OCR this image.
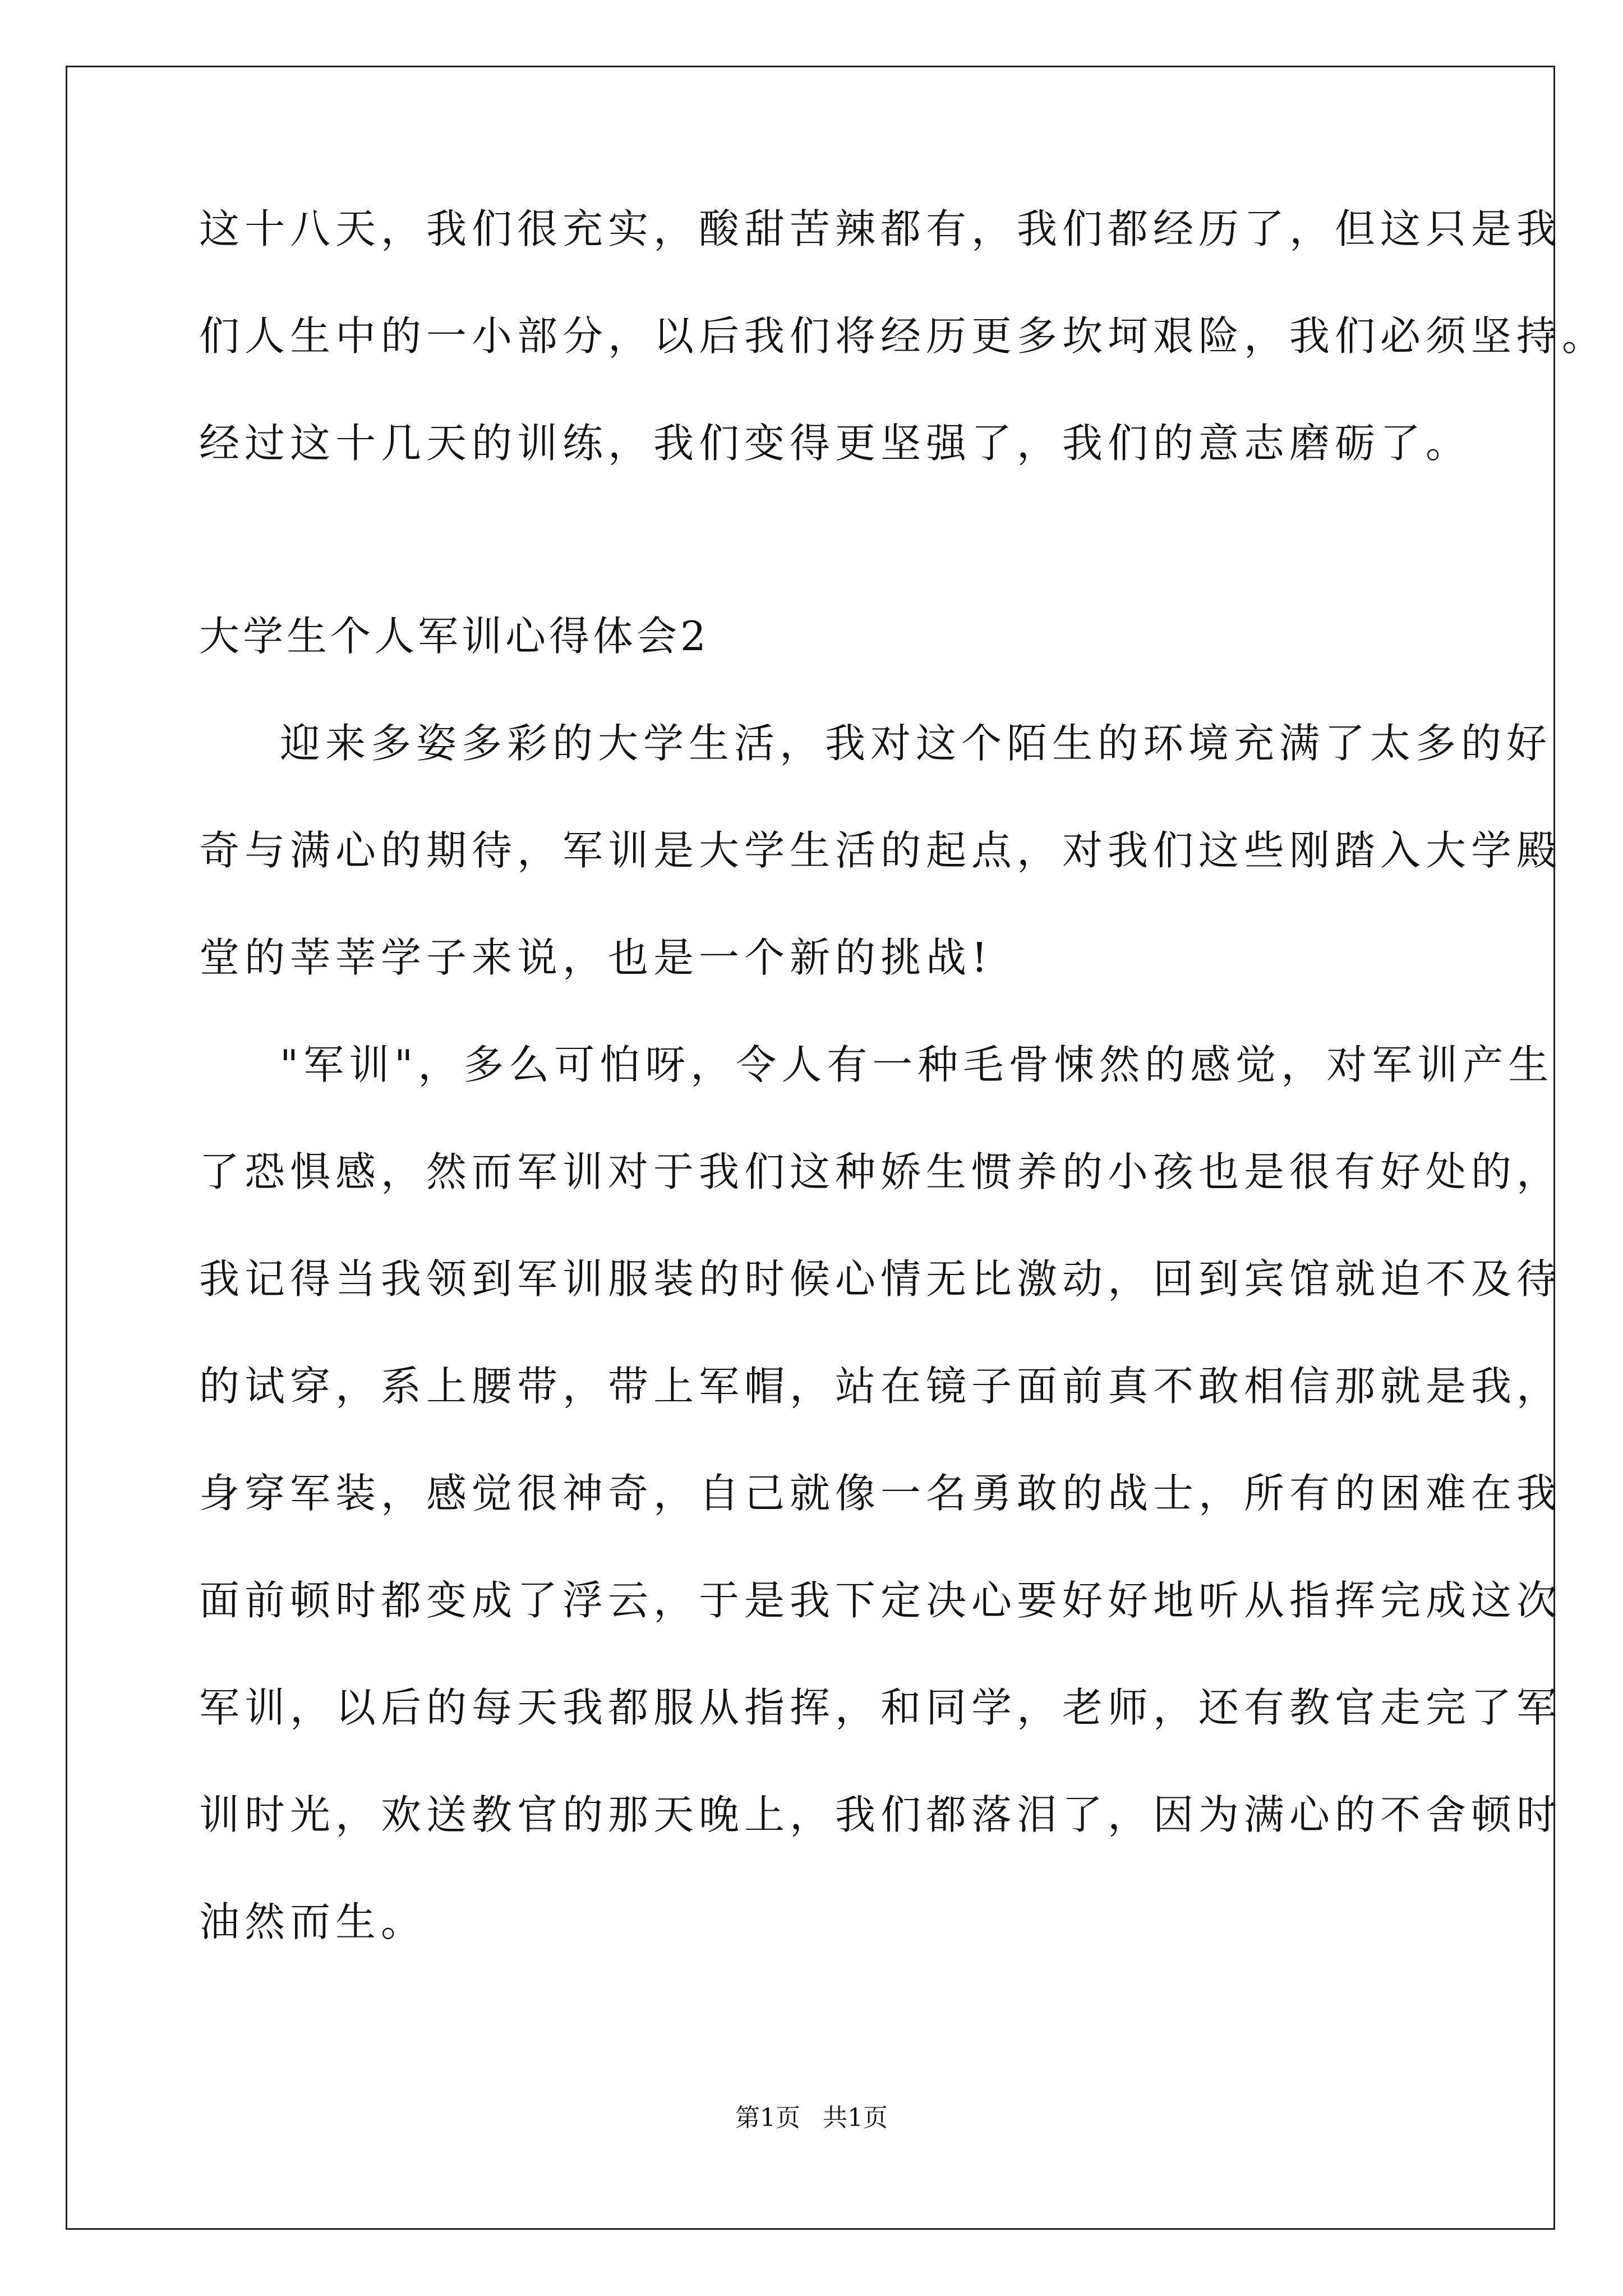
这十八天，我们很充实，酸甜苦辣都有，我们都经历了，但这只是我
们人生中的一小部分，以后我们将经历更多坎坷艰险，我们必须坚持。
经过这十几天的训练，我们变得更坚强了，我们的意志磨砺了。
大学生个人军训心得体会2
迎来多姿多彩的大学生活，我对这个陌生的环境充满了太多的好
奇与满心的期待，军训是大学生活的起点，对我们这些刚踏入大学殿
堂的莘莘学子来说，也是一个新的挑战!
"军训"，多么可怕呀，令人有一种毛骨悚然的感觉，对军训产生
了恐惧感，然而军训对于我们这种娇生惯养的小孩也是很有好处的，
我记得当我领到军训服装的时候心情无比激动，回到宾馆就迫不及待
的试穿，系上腰带，带上军帽，站在镜子面前真不敢相信那就是我，
身穿军装，感觉很神奇，自己就像一名勇敢的战士，所有的困难在我
面前顿时都变成了浮云，于是我下定决心要好好地听从指挥完成这次
军训，以后的每天我都服从指挥，和同学，老师，还有教官走完了军
训时光，欢送教官的那天晚上，我们都落泪了，因为满心的不舍顿时
油然而生。
第1页 共1页
